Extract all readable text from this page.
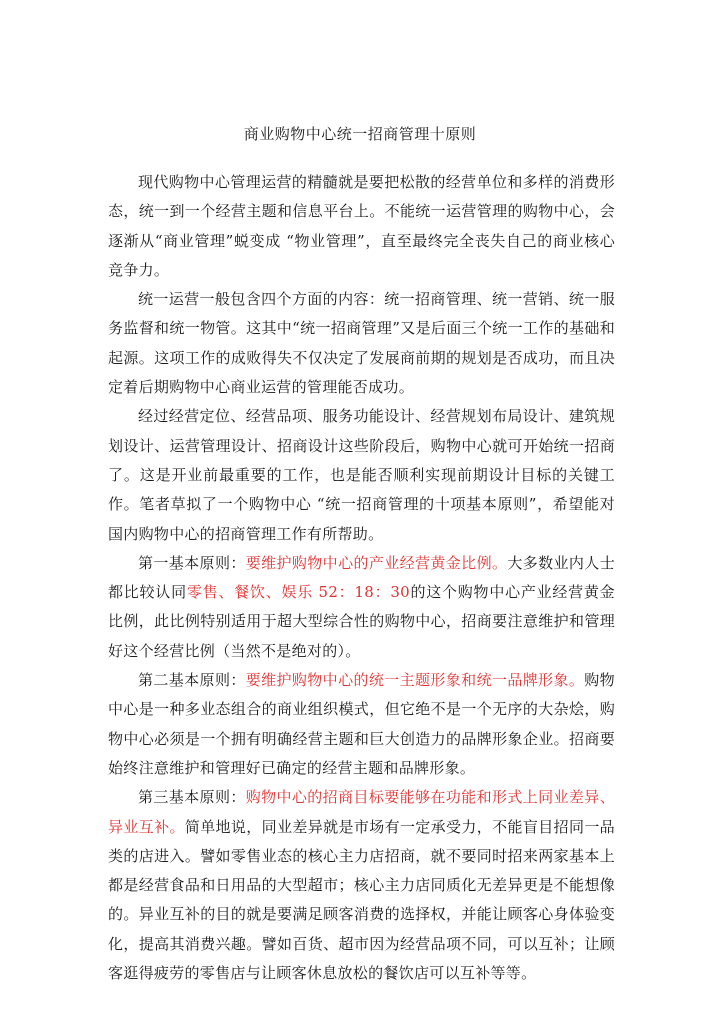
商业购物中心统一招商管理十原则

现代购物中心管理运营的精髓就是要把松散的经营单位和多样的消费形态，统一到一个经营主题和信息平台上。不能统一运营管理的购物中心，会逐渐从“商业管理”蜕变成 “物业管理”，直至最终完全丧失自己的商业核心竞争力。

统一运营一般包含四个方面的内容：统一招商管理、统一营销、统一服务监督和统一物管。这其中“统一招商管理”又是后面三个统一工作的基础和起源。这项工作的成败得失不仅决定了发展商前期的规划是否成功，而且决定着后期购物中心商业运营的管理能否成功。

经过经营定位、经营品项、服务功能设计、经营规划布局设计、建筑规划设计、运营管理设计、招商设计这些阶段后，购物中心就可开始统一招商了。这是开业前最重要的工作，也是能否顺利实现前期设计目标的关键工作。笔者草拟了一个购物中心 “统一招商管理的十项基本原则”，希望能对国内购物中心的招商管理工作有所帮助。

第一基本原则：要维护购物中心的产业经营黄金比例。大多数业内人士都比较认同零售、餐饮、娱乐 52：18：30的这个购物中心产业经营黄金比例，此比例特别适用于超大型综合性的购物中心，招商要注意维护和管理好这个经营比例（当然不是绝对的）。

第二基本原则：要维护购物中心的统一主题形象和统一品牌形象。购物中心是一种多业态组合的商业组织模式，但它绝不是一个无序的大杂烩，购物中心必须是一个拥有明确经营主题和巨大创造力的品牌形象企业。招商要始终注意维护和管理好已确定的经营主题和品牌形象。

第三基本原则：购物中心的招商目标要能够在功能和形式上同业差异、异业互补。简单地说，同业差异就是市场有一定承受力，不能盲目招同一品类的店进入。譬如零售业态的核心主力店招商，就不要同时招来两家基本上都是经营食品和日用品的大型超市；核心主力店同质化无差异更是不能想像的。异业互补的目的就是要满足顾客消费的选择权，并能让顾客心身体验变化，提高其消费兴趣。譬如百货、超市因为经营品项不同，可以互补；让顾客逛得疲劳的零售店与让顾客休息放松的餐饮店可以互补等等。
